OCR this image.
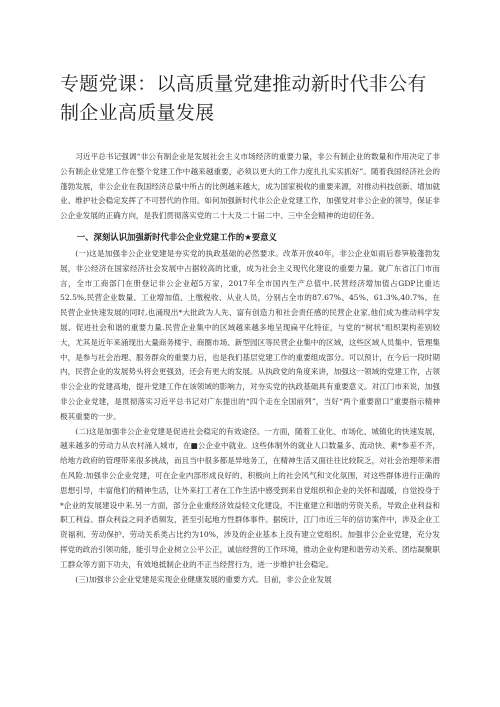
专题党课：以高质量党建推动新时代非公有制企业高质量发展

习近平总书记强调“非公有制企业是发展社会主义市场经济的重要力量，非公有制企业的数量和作用决定了非公有制企业党建工作在整个党建工作中越来越重要，必须以更大的工作力度扎扎实实抓好”。随着我国经济社会的蓬勃发展，非公企业在我国经济总量中所占的比例越来越大，成为国家税收的重要来源，对推动科技创新、增加就业、维护社会稳定发挥了不可替代的作用。如何加强新时代非公企业党建工作，加强党对非公企业的领导，保证非公企业发展的正确方向，是我们贯彻落实党的二十大及二十届二中、三中全会精神的迫切任务。

一、深刻认识加强新时代非公企业党建工作的★要意义

(一)这是加强非公企业党建是夯实党的执政基础的必然要求。改革开放40年，非公企业如雨后春笋般蓬勃发展，非公经济在国家经济社会发展中占据较高的比重，成为社会主义现代化建设的重要力量。就广东省江门市而言，全市工商部门在册登记非公企业超5万家，2017年全市国内生产总值中,民营经济增加值占GDP比重达52.5%,民营企业数量、工业增加值、上缴税收、从业人员，分别占全市的87.67%、45%、61.3%,40.7%。在民营企业快速发展的同时,也涌现出*大批政为人先、富有创造力和社会责任感的民营企业家,他们成为推动科学发展、促进社会和谐的重要力量.民营企业集中的区域越来越多地呈现扁平化特征，与党的“树状”组织架构差别较大，尤其是近年来涌现出大量商务楼宇、商圈市场、新型园区等民营企业集中的区域，这些区域人员集中、管理集中，是参与社会治理、服务群众的重要力后，也是我们基层党建工作的重要组成部分。可以预计，在今后一段时期内，民营企业的发展势头将会更强劲，还会有更大的发展。从执政党的角度来讲，加强这一领域的党建工作，占领非公企业的党建高地，提升党建工作在该领域的影响力，对夯实党的执政基础具有重要意义。对江门市来说，加强非公企业党建，是贯彻落实习近平总书记对广东提出的“四个走在全国前列”，当好“两个重要窗口”重要指示精神极其重要的一步。

(二)这是加强非公企业党建是促进社会稳定的有效途径。一方面，随着工业化、市场化、城镇化的快速发展，越来越多的劳动力从农村涌入城市，在■公企业中就业。这些体制外的就业人口数量多、流动快、素*参差不齐，给地方政府的管理带来很多挑战，而且当中很多都是异地务工，在精神生活又面往往比较院乏，对社会治理带来潜在风险.加强非公企业党建，可在企业内部形成良好的、积极向上的社会风气和文化氛围，对这些群体进行正确的思想引导，丰富他们的精神生活，让外来打工者在工作生活中感受到来自党组织和企业的关怀和温暖，自觉投身于*企业的发展建设中来.另一方面，部分企业重经济效益轻文化建设，不注重建立和谐的劳资关系，导致企业利益和职工利益、群众利益之间矛盾频发，甚至引起地方性群体事件。据统计，江门市近三年的信访案件中，涉及企业工资福利、劳动保护、劳动关系类占比约为10%，涉及的企业基本上没有建立党组织。加强非公企业党建，充分发挥党的政治引领功能，能引导企业树立公平公正，诚信经营的工作环境，推动企业构建和谐劳动关系、团结凝聚职工群众等方面下功夫，有效地抵制企业的不正当经营行为，进一步维护社会稳定。

(三)加强非公企业党建是实现企业健康发展的重要方式。目前，非公企业发展
